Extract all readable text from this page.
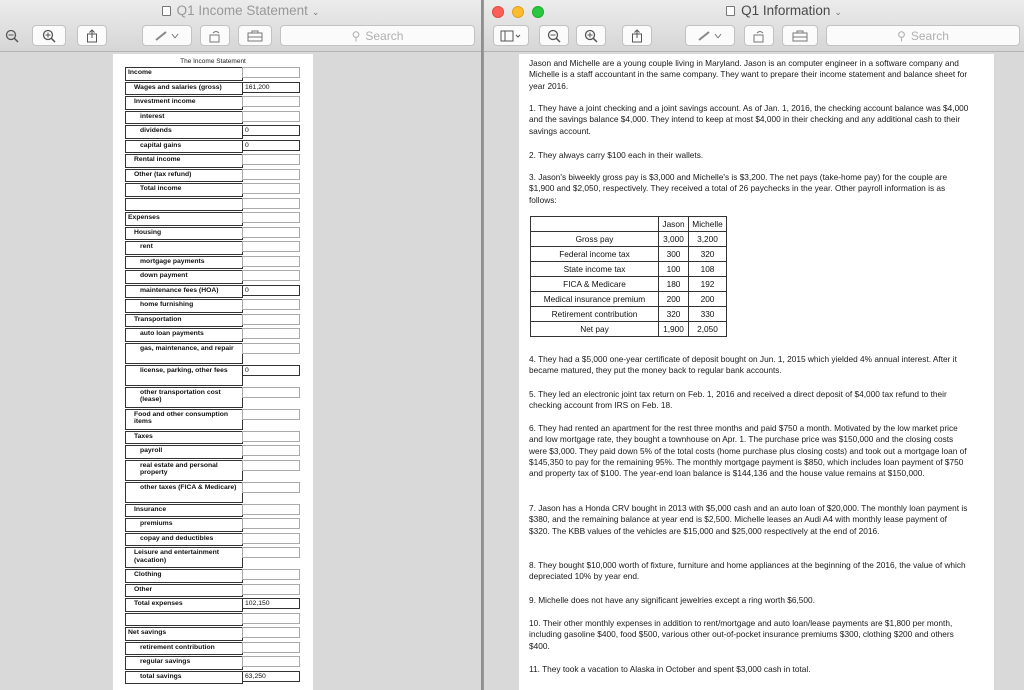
Q1 Income Statement ⌄
⚲ Search
The Income Statement
Income
Wages and salaries (gross)	161,200
Investment income
interest
dividends	0
capital gains	0
Rental income
Other (tax refund)
Total income
Expenses
Housing
rent
mortgage payments
down payment
maintenance fees (HOA)	0
home furnishing
Transportation
auto loan payments
gas, maintenance, and repair
license, parking, other fees	0
other transportation cost (lease)
Food and other consumption items
Taxes
payroll
real estate and personal property
other taxes (FICA & Medicare)
Insurance
premiums
copay and deductibles
Leisure and entertainment (vacation)
Clothing
Other
Total expenses	102,150
Net savings
retirement contribution
regular savings
total savings	63,250
Q1 Information ⌄
⚲ Search
Jason and Michelle are a young couple living in Maryland. Jason is an computer engineer in a software company and Michelle is a staff accountant in the same company. They want to prepare their income statement and balance sheet for year 2016.
1. They have a joint checking and a joint savings account. As of Jan. 1, 2016, the checking account balance was $4,000 and the savings balance $4,000. They intend to keep at most $4,000 in their checking and any additional cash to their savings account.
2. They always carry $100 each in their wallets.
3. Jason's biweekly gross pay is $3,000 and Michelle's is $3,200. The net pays (take-home pay) for the couple are $1,900 and $2,050, respectively. They received a total of 26 paychecks in the year. Other payroll information is as follows:
	Jason	Michelle
Gross pay	3,000	3,200
Federal income tax	300	320
State income tax	100	108
FICA & Medicare	180	192
Medical insurance premium	200	200
Retirement contribution	320	330
Net pay	1,900	2,050
4. They had a $5,000 one-year certificate of deposit bought on Jun. 1, 2015 which yielded 4% annual interest. After it became matured, they put the money back to regular bank accounts.
5. They led an electronic joint tax return on Feb. 1, 2016 and received a direct deposit of $4,000 tax refund to their checking account from IRS on Feb. 18.
6. They had rented an apartment for the rest three months and paid $750 a month. Motivated by the low market price and low mortgage rate, they bought a townhouse on Apr. 1. The purchase price was $150,000 and the closing costs were $3,000. They paid down 5% of the total costs (home purchase plus closing costs) and took out a mortgage loan of $145,350 to pay for the remaining 95%. The monthly mortgage payment is $850, which includes loan payment of $750 and property tax of $100. The year-end loan balance is $144,136 and the house value remains at $150,000.
7. Jason has a Honda CRV bought in 2013 with $5,000 cash and an auto loan of $20,000. The monthly loan payment is $380, and the remaining balance at year end is $2,500. Michelle leases an Audi A4 with monthly lease payment of $320. The KBB values of the vehicles are $15,000 and $25,000 respectively at the end of 2016.
8. They bought $10,000 worth of fixture, furniture and home appliances at the beginning of the 2016, the value of which depreciated 10% by year end.
9. Michelle does not have any significant jewelries except a ring worth $6,500.
10. Their other monthly expenses in addition to rent/mortgage and auto loan/lease payments are $1,800 per month, including gasoline $400, food $500, various other out-of-pocket insurance premiums $300, clothing $200 and others $400.
11. They took a vacation to Alaska in October and spent $3,000 cash in total.
